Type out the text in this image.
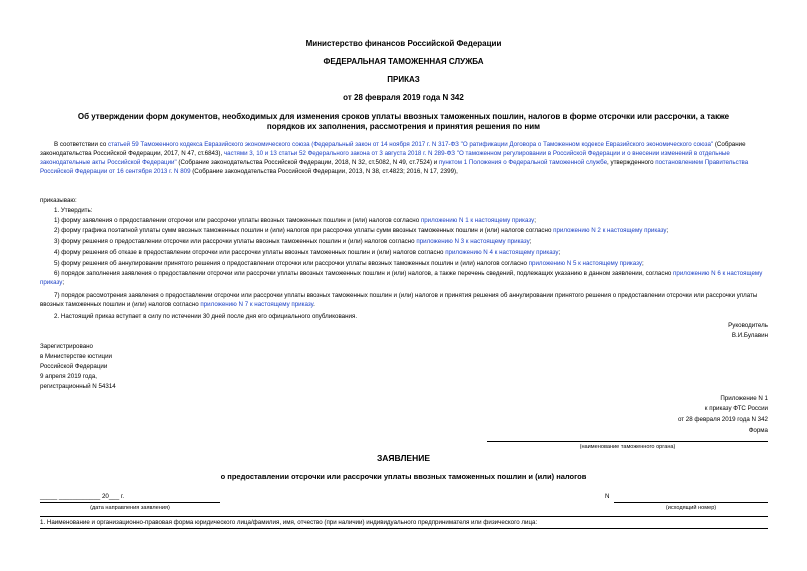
Министерство финансов Российской Федерации
ФЕДЕРАЛЬНАЯ ТАМОЖЕННАЯ СЛУЖБА
ПРИКАЗ
от 28 февраля 2019 года N 342
Об утверждении форм документов, необходимых для изменения сроков уплаты ввозных таможенных пошлин, налогов в форме отсрочки или рассрочки, а также
порядков их заполнения, рассмотрения и принятия решения по ним
В соответствии со статьей 59 Таможенного кодекса Евразийского экономического союза (Федеральный закон от 14 ноября 2017 г. N 317-ФЗ "О ратификации Договора о Таможенном кодексе Евразийского экономического союза" (Собрание законодательства Российской Федерации, 2017, N 47, ст.6843), частями 3, 10 и 13 статьи 52 Федерального закона от 3 августа 2018 г. N 289-ФЗ "О таможенном регулировании в Российской Федерации и о внесении изменений в отдельные законодательные акты Российской Федерации" (Собрание законодательства Российской Федерации, 2018, N 32, ст.5082, N 49, ст.7524) и пунктом 1 Положения о Федеральной таможенной службе, утвержденного постановлением Правительства Российской Федерации от 16 сентября 2013 г. N 809 (Собрание законодательства Российской Федерации, 2013, N 38, ст.4823; 2016, N 17, 2399),
приказываю:
1. Утвердить:
1) форму заявления о предоставлении отсрочки или рассрочки уплаты ввозных таможенных пошлин и (или) налогов согласно приложению N 1 к настоящему приказу;
2) форму графика поэтапной уплаты сумм ввозных таможенных пошлин и (или) налогов при рассрочке уплаты сумм ввозных таможенных пошлин и (или) налогов согласно приложению N 2 к настоящему приказу;
3) форму решения о предоставлении отсрочки или рассрочки уплаты ввозных таможенных пошлин и (или) налогов согласно приложению N 3 к настоящему приказу;
4) форму решения об отказе в предоставлении отсрочки или рассрочки уплаты ввозных таможенных пошлин и (или) налогов согласно приложению N 4 к настоящему приказу;
5) форму решения об аннулировании принятого решения о предоставлении отсрочки или рассрочки уплаты ввозных таможенных пошлин и (или) налогов согласно приложению N 5 к настоящему приказу;
6) порядок заполнения заявления о предоставлении отсрочки или рассрочки уплаты ввозных таможенных пошлин и (или) налогов, а также перечень сведений, подлежащих указанию в данном заявлении, согласно приложению N 6 к настоящему приказу;
7) порядок рассмотрения заявления о предоставлении отсрочки или рассрочки уплаты ввозных таможенных пошлин и (или) налогов и принятия решения об аннулировании принятого решения о предоставлении отсрочки или рассрочки уплаты ввозных таможенных пошлин и (или) налогов согласно приложению N 7 к настоящему приказу.
2. Настоящий приказ вступает в силу по истечении 30 дней после дня его официального опубликования.
Руководитель
В.И.Булавин
Зарегистрировано
в Министерстве юстиции
Российской Федерации
9 апреля 2019 года,
регистрационный N 54314
Приложение N 1
к приказу ФТС России
от 28 февраля 2019 года N 342
Форма
(наименование таможенного органа)
ЗАЯВЛЕНИЕ
о предоставлении отсрочки или рассрочки уплаты ввозных таможенных пошлин и (или) налогов
_____ ____________ 20___ г.
(дата направления заявления)
N
(исходящий номер)
1. Наименование и организационно-правовая форма юридического лица/фамилия, имя, отчество (при наличии) индивидуального предпринимателя или физического лица:
